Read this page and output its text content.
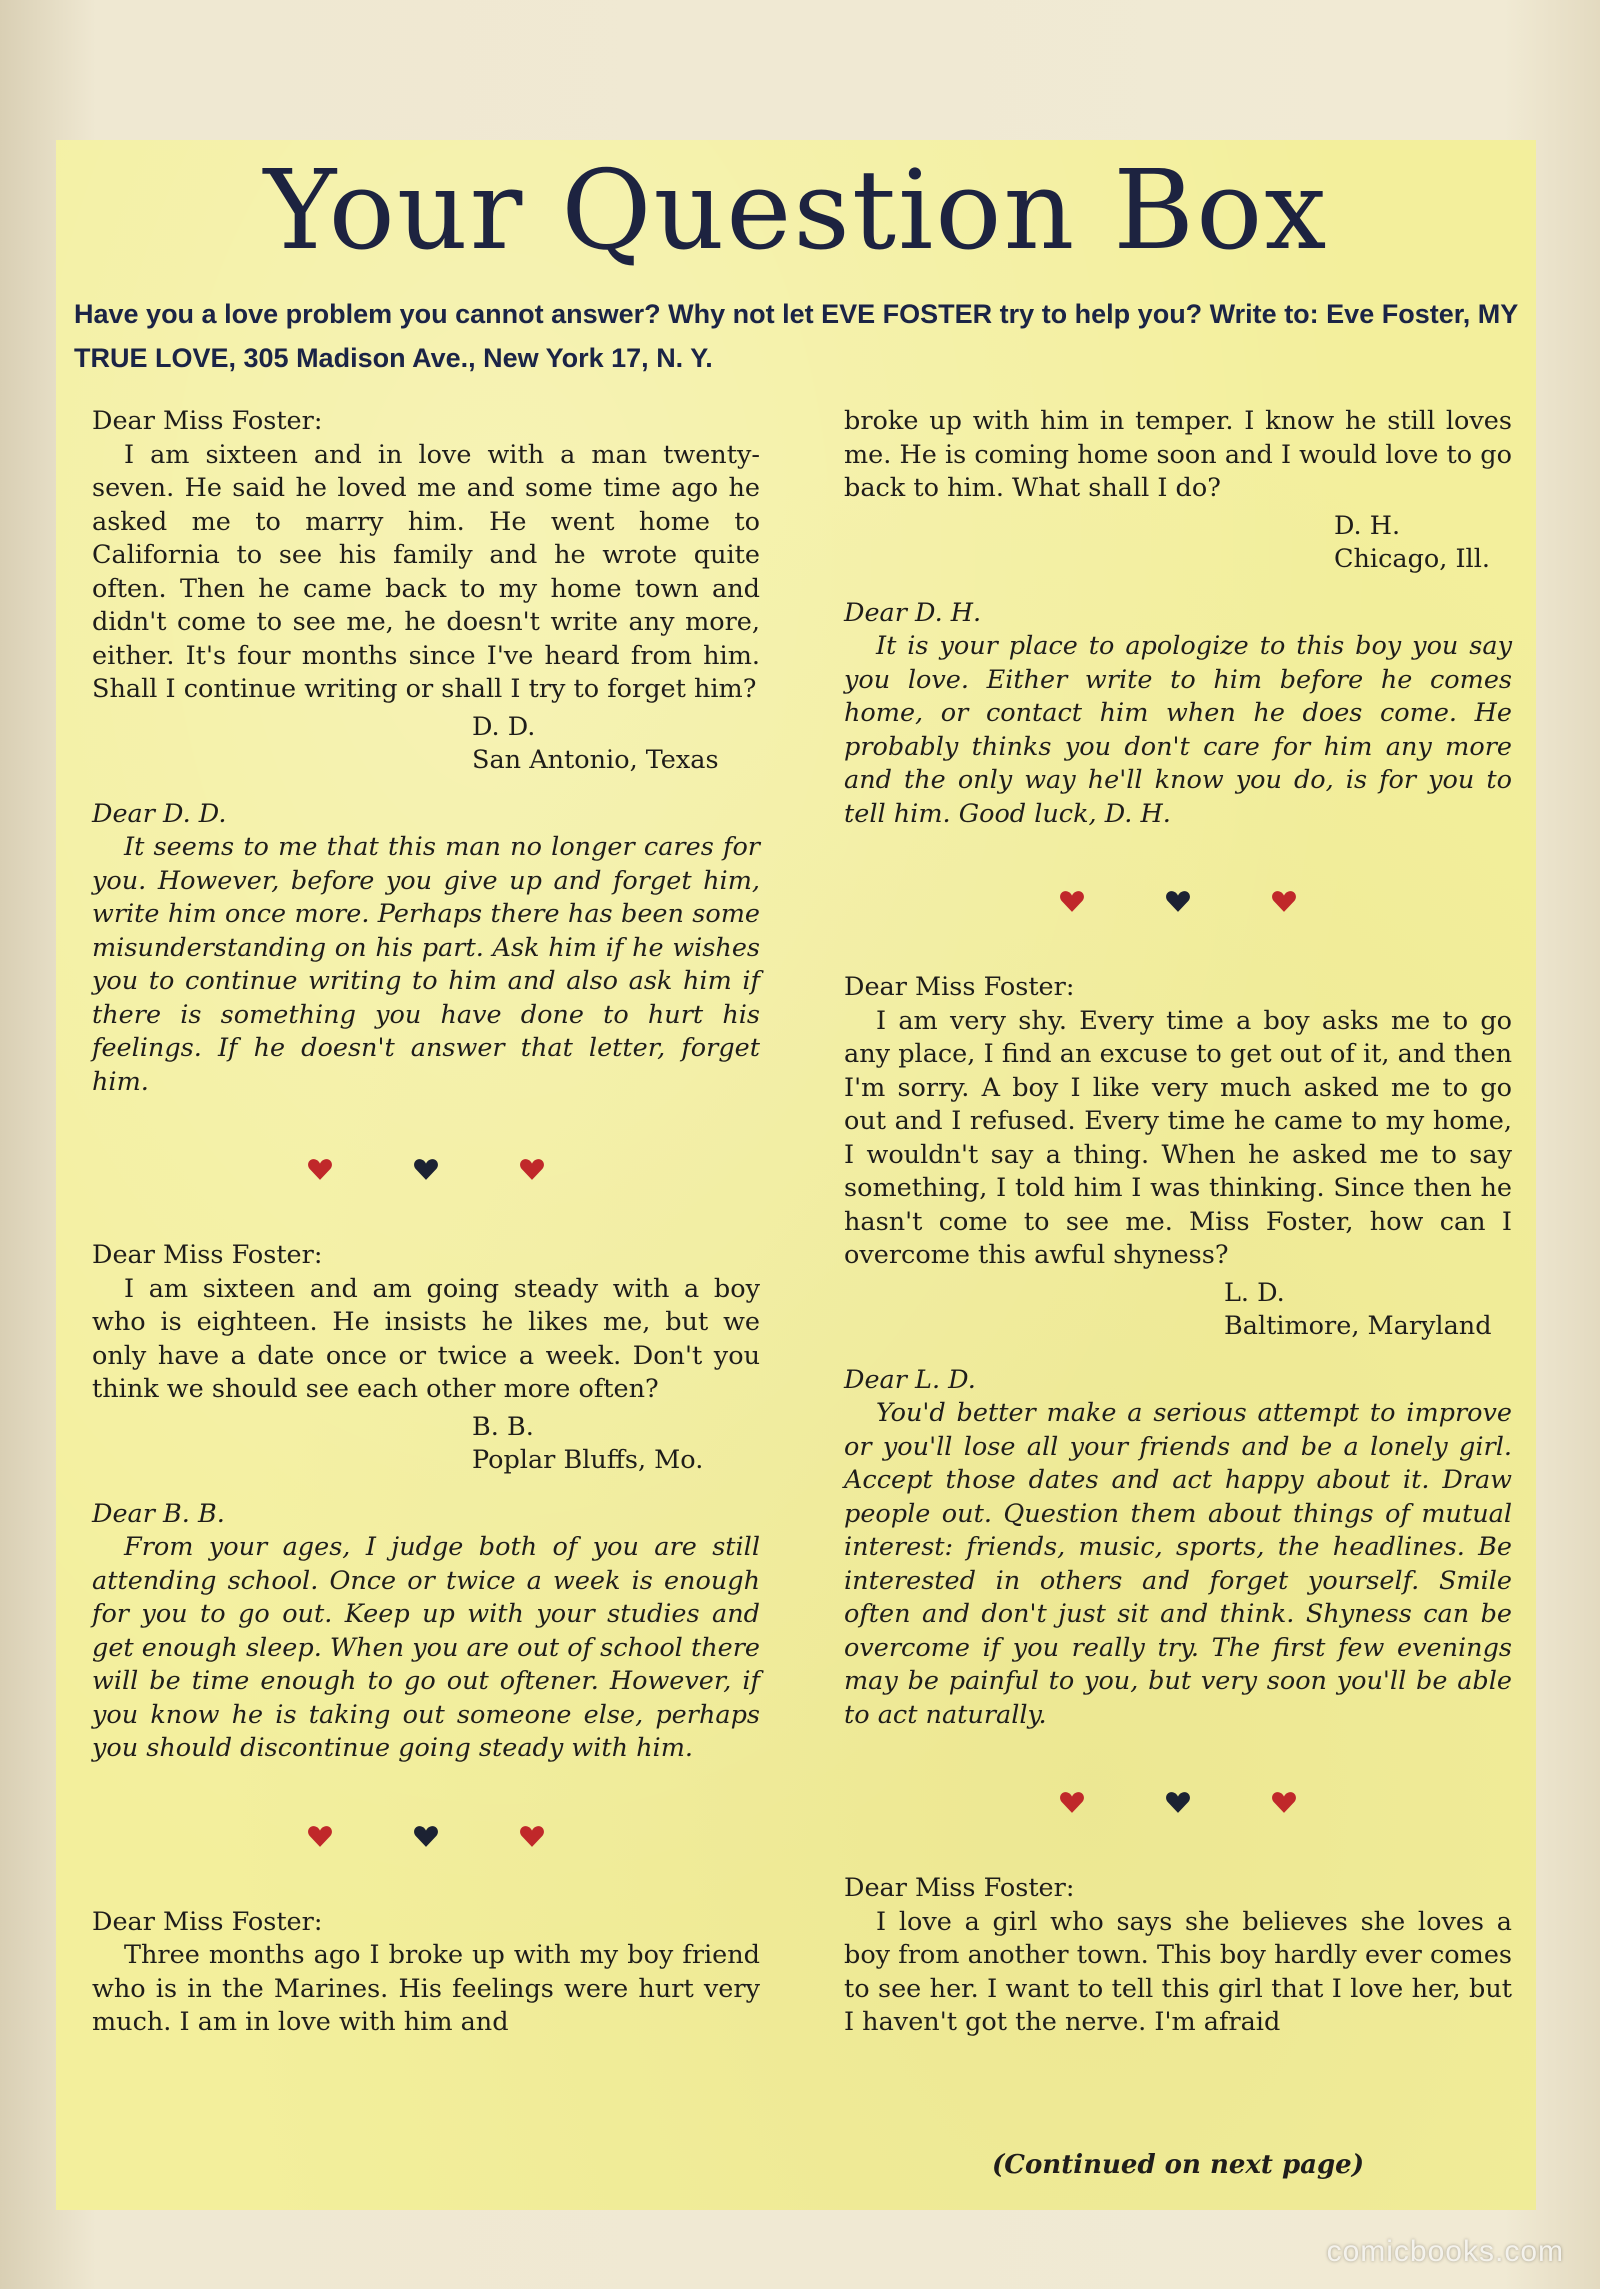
Your Question Box
Have you a love problem you cannot answer? Why not let EVE FOSTER try to help you? Write to: Eve Foster, MY TRUE LOVE, 305 Madison Ave., New York 17, N. Y.

Dear Miss Foster:

I am sixteen and in love with a man twenty-seven. He said he loved me and some time ago he asked me to marry him. He went home to California to see his family and he wrote quite often. Then he came back to my home town and didn't come to see me, he doesn't write any more, either. It's four months since I've heard from him. Shall I continue writing or shall I try to forget him?

D. D.
San Antonio, Texas

Dear D. D.

It seems to me that this man no longer cares for you. However, before you give up and forget him, write him once more. Perhaps there has been some misunderstanding on his part. Ask him if he wishes you to continue writing to him and also ask him if there is something you have done to hurt his feelings. If he doesn't answer that letter, forget him.

Dear Miss Foster:

I am sixteen and am going steady with a boy who is eighteen. He insists he likes me, but we only have a date once or twice a week. Don't you think we should see each other more often?

B. B.
Poplar Bluffs, Mo.

Dear B. B.

From your ages, I judge both of you are still attending school. Once or twice a week is enough for you to go out. Keep up with your studies and get enough sleep. When you are out of school there will be time enough to go out oftener. However, if you know he is taking out someone else, perhaps you should discontinue going steady with him.

Dear Miss Foster:

Three months ago I broke up with my boy friend who is in the Marines. His feelings were hurt very much. I am in love with him and

broke up with him in temper. I know he still loves me. He is coming home soon and I would love to go back to him. What shall I do?

D. H.
Chicago, Ill.

Dear D. H.

It is your place to apologize to this boy you say you love. Either write to him before he comes home, or contact him when he does come. He probably thinks you don't care for him any more and the only way he'll know you do, is for you to tell him. Good luck, D. H.

Dear Miss Foster:

I am very shy. Every time a boy asks me to go any place, I find an excuse to get out of it, and then I'm sorry. A boy I like very much asked me to go out and I refused. Every time he came to my home, I wouldn't say a thing. When he asked me to say something, I told him I was thinking. Since then he hasn't come to see me. Miss Foster, how can I overcome this awful shyness?

L. D.
Baltimore, Maryland

Dear L. D.

You'd better make a serious attempt to improve or you'll lose all your friends and be a lonely girl. Accept those dates and act happy about it. Draw people out. Question them about things of mutual interest: friends, music, sports, the headlines. Be interested in others and forget yourself. Smile often and don't just sit and think. Shyness can be overcome if you really try. The first few evenings may be painful to you, but very soon you'll be able to act naturally.

Dear Miss Foster:

I love a girl who says she believes she loves a boy from another town. This boy hardly ever comes to see her. I want to tell this girl that I love her, but I haven't got the nerve. I'm afraid

(Continued on next page)
comicbooks.com
